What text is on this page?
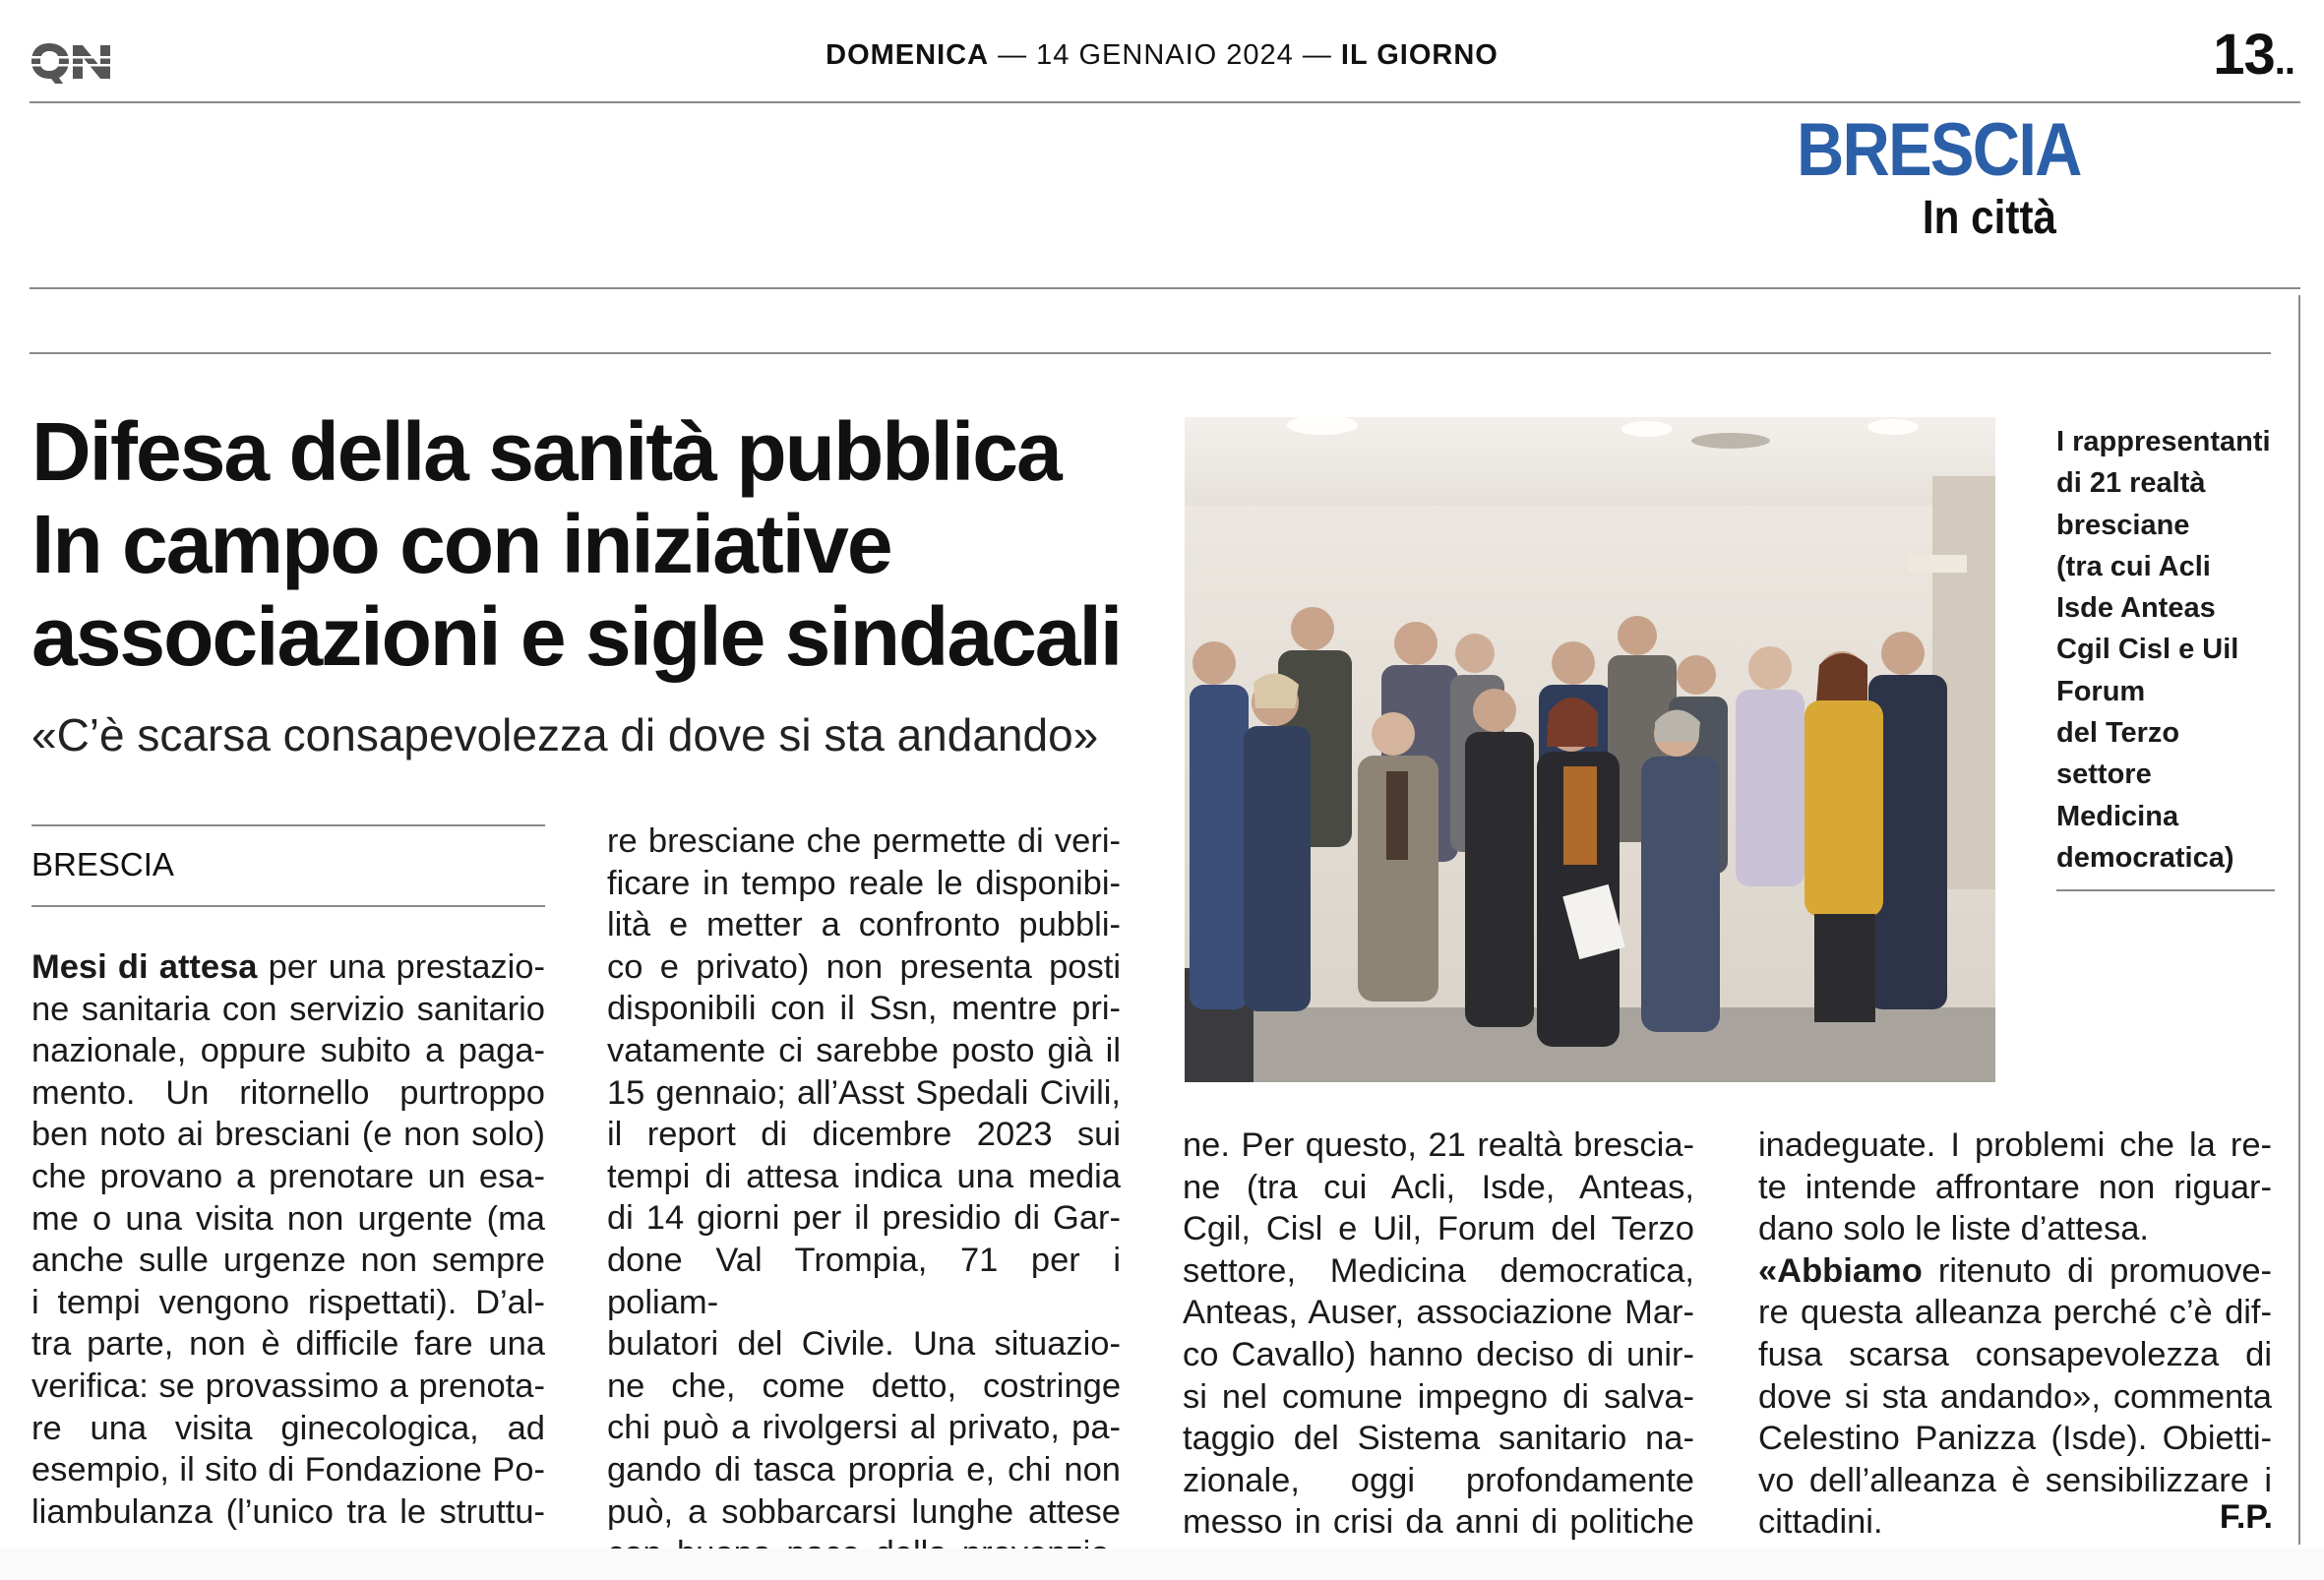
DOMENICA — 14 GENNAIO 2024 — IL GIORNO	13..
BRESCIA
In città
Difesa della sanità pubblica
In campo con iniziative
associazioni e sigle sindacali
«C’è scarsa consapevolezza di dove si sta andando»
BRESCIA

Mesi di attesa per una prestazio-

ne sanitaria con servizio sanitario

nazionale, oppure subito a paga-

mento. Un ritornello purtroppo

ben noto ai bresciani (e non solo)

che provano a prenotare un esa-

me o una visita non urgente (ma

anche sulle urgenze non sempre

i tempi vengono rispettati). D’al-

tra parte, non è difficile fare una

verifica: se provassimo a prenota-

re una visita ginecologica, ad

esempio, il sito di Fondazione Po-

liambulanza (l’unico tra le struttu-

re bresciane che permette di veri-

ficare in tempo reale le disponibi-

lità e metter a confronto pubbli-

co e privato) non presenta posti

disponibili con il Ssn, mentre pri-

vatamente ci sarebbe posto già il

15 gennaio; all’Asst Spedali Civili,

il report di dicembre 2023 sui

tempi di attesa indica una media

di 14 giorni per il presidio di Gar-

done Val Trompia, 71 per i poliam-

bulatori del Civile. Una situazio-

ne che, come detto, costringe

chi può a rivolgersi al privato, pa-

gando di tasca propria e, chi non

può, a sobbarcarsi lunghe attese

ne. Per questo, 21 realtà brescia-

ne (tra cui Acli, Isde, Anteas,

Cgil, Cisl e Uil, Forum del Terzo

settore, Medicina democratica,

Anteas, Auser, associazione Mar-

co Cavallo) hanno deciso di unir-

si nel comune impegno di salva-

taggio del Sistema sanitario na-

zionale, oggi profondamente

messo in crisi da anni di politiche

inadeguate. I problemi che la re-

te intende affrontare non riguar-

dano solo le liste d’attesa.

«Abbiamo ritenuto di promuove-

re questa alleanza perché c’è dif-

fusa scarsa consapevolezza di

dove si sta andando», commenta

Celestino Panizza (Isde). Obietti-

vo dell’alleanza è sensibilizzare i

cittadini.	F.P.
I rappresentanti
di 21 realtà
bresciane
(tra cui Acli
Isde Anteas
Cgil Cisl e Uil
Forum
del Terzo
settore
Medicina
democratica)
